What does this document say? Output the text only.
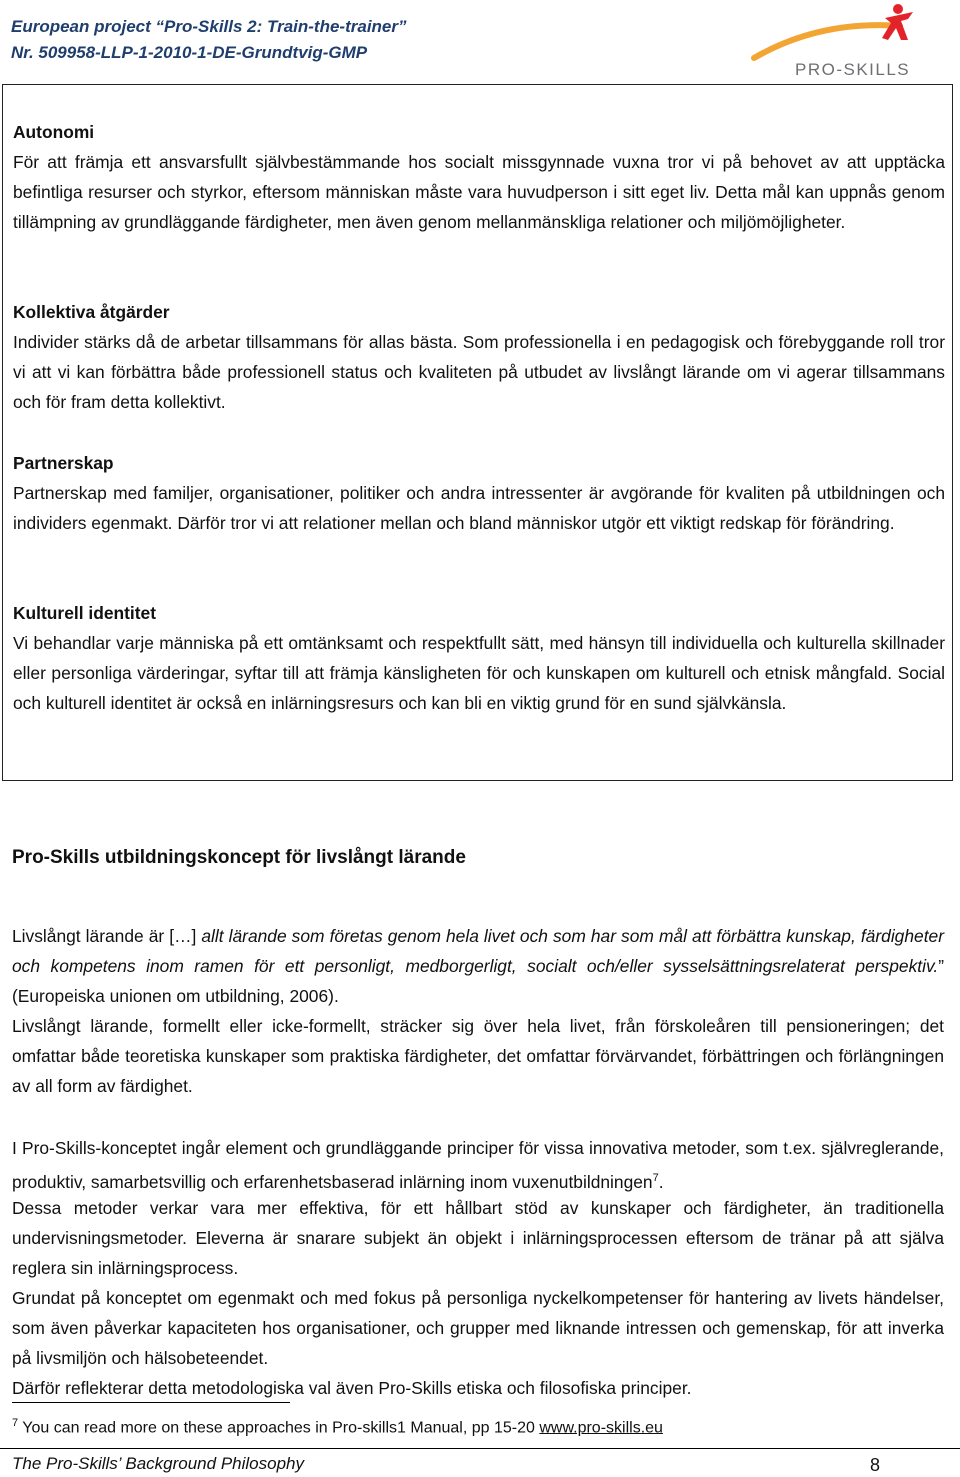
European project “Pro-Skills 2: Train-the-trainer”
Nr. 509958-LLP-1-2010-1-DE-Grundtvig-GMP
PRO-SKILLS

Autonomi

För att främja ett ansvarsfullt självbestämmande hos socialt missgynnade vuxna tror vi på behovet av att upptäcka befintliga resurser och styrkor, eftersom människan måste vara huvudperson i sitt eget liv. Detta mål kan uppnås genom tillämpning av grundläggande färdigheter, men även genom mellanmänskliga relationer och miljömöjligheter.

Kollektiva åtgärder

Individer stärks då de arbetar tillsammans för allas bästa. Som professionella i en pedagogisk och förebyggande roll tror vi att vi kan förbättra både professionell status och kvaliteten på utbudet av livslångt lärande om vi agerar tillsammans och för fram detta kollektivt.

Partnerskap

Partnerskap med familjer, organisationer, politiker och andra intressenter är avgörande för kvaliten på utbildningen och individers egenmakt. Därför tror vi att relationer mellan och bland människor utgör ett viktigt redskap för förändring.

Kulturell identitet

Vi behandlar varje människa på ett omtänksamt och respektfullt sätt, med hänsyn till individuella och kulturella skillnader eller personliga värderingar, syftar till att främja känsligheten för och kunskapen om kulturell och etnisk mångfald. Social och kulturell identitet är också en inlärningsresurs och kan bli en viktig grund för en sund självkänsla.

Pro-Skills utbildningskoncept för livslångt lärande

Livslångt lärande är […] allt lärande som företas genom hela livet och som har som mål att förbättra kunskap, färdigheter och kompetens inom ramen för ett personligt, medborgerligt, socialt och/eller sysselsättningsrelaterat perspektiv.” (Europeiska unionen om utbildning, 2006).

Livslångt lärande, formellt eller icke-formellt, sträcker sig över hela livet, från förskoleåren till pensioneringen; det omfattar både teoretiska kunskaper som praktiska färdigheter, det omfattar förvärvandet, förbättringen och förlängningen av all form av färdighet.

I Pro-Skills-konceptet ingår element och grundläggande principer för vissa innovativa metoder, som t.ex. självreglerande, produktiv, samarbetsvillig och erfarenhetsbaserad inlärning inom vuxenutbildningen$^7$.

Dessa metoder verkar vara mer effektiva, för ett hållbart stöd av kunskaper och färdigheter, än traditionella undervisningsmetoder. Eleverna är snarare subjekt än objekt i inlärningsprocessen eftersom de tränar på att själva reglera sin inlärningsprocess.

Grundat på konceptet om egenmakt och med fokus på personliga nyckelkompetenser för hantering av livets händelser, som även påverkar kapaciteten hos organisationer, och grupper med liknande intressen och gemenskap, för att inverka på livsmiljön och hälsobeteendet.

Därför reflekterar detta metodologiska val även Pro-Skills etiska och filosofiska principer.

$^7$ You can read more on these approaches in Pro-skills1 Manual, pp 15-20 www.pro-skills.eu
The Pro-Skills’ Background Philosophy	8
